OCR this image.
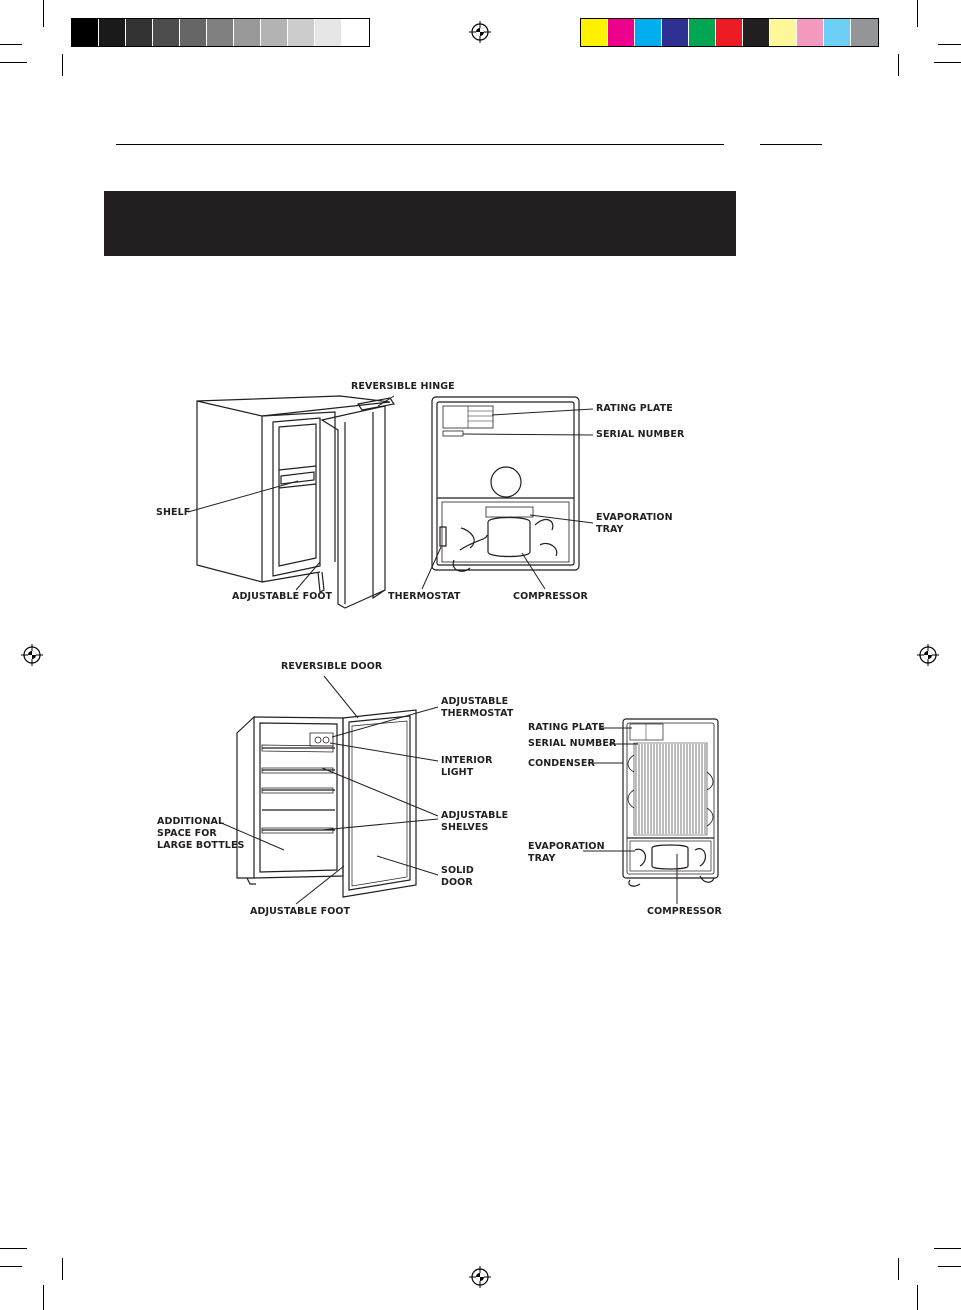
REVERSIBLE HINGE
RATING PLATE
SERIAL NUMBER
SHELF	EVAPORATION
TRAY
ADJUSTABLE FOOT	THERMOSTAT	COMPRESSOR
REVERSIBLE DOOR
ADJUSTABLE
THERMOSTAT
INTERIOR
LIGHT
ADJUSTABLE
SHELVES
ADDITIONAL
SPACE FOR
LARGE BOTTLES
SOLID
DOOR
ADJUSTABLE FOOT
RATING PLATE
SERIAL NUMBER
CONDENSER
EVAPORATION
TRAY
COMPRESSOR
